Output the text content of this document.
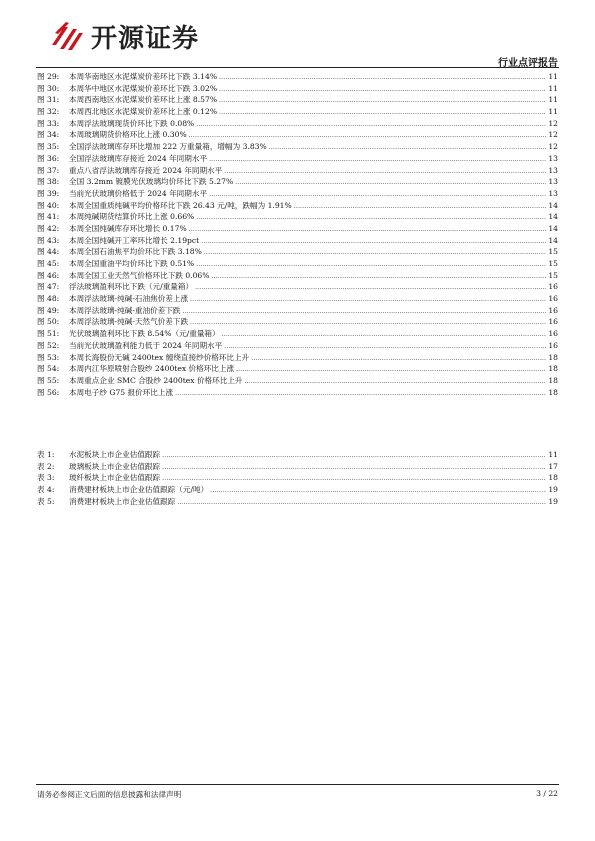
开源证券
行业点评报告
图 29:	本周华南地区水泥煤炭价差环比下跌 3.14% .....	11
图 30:	本周华中地区水泥煤炭价差环比下跌 3.02% .....	11
图 31:	本周西南地区水泥煤炭价差环比上涨 8.57% .....	11
图 32:	本周西北地区水泥煤炭价差环比上涨 0.12% .....	11
图 33:	本周浮法玻璃现货价环比下跌 0.08% .....	12
图 34:	本周玻璃期货价格环比上涨 0.30% .....	12
图 35:	全国浮法玻璃库存环比增加 222 万重量箱，增幅为 3.83% .....	12
图 36:	全国浮法玻璃库存接近 2024 年同期水平 .....	13
图 37:	重点八省浮法玻璃库存接近 2024 年同期水平 .....	13
图 38:	全国 3.2mm 镀膜光伏玻璃均价环比下跌 5.27% .....	13
图 39:	当前光伏玻璃价格低于 2024 年同期水平 .....	13
图 40:	本周全国重质纯碱平均价格环比下跌 26.43 元/吨，跌幅为 1.91% .....	14
图 41:	本周纯碱期货结算价环比上涨 0.66% .....	14
图 42:	本周全国纯碱库存环比增长 0.17% .....	14
图 43:	本周全国纯碱开工率环比增长 2.19pct .....	14
图 44:	本周全国石油焦平均价环比下跌 3.18% .....	15
图 45:	本周全国重油平均价环比下跌 0.51% .....	15
图 46:	本周全国工业天然气价格环比下跌 0.06% .....	15
图 47:	浮法玻璃盈利环比下跌（元/重量箱） .....	16
图 48:	本周浮法玻璃-纯碱-石油焦价差上涨 .....	16
图 49:	本周浮法玻璃-纯碱-重油价差下跌 .....	16
图 50:	本周浮法玻璃-纯碱-天然气价差下跌 .....	16
图 51:	光伏玻璃盈利环比下跌 8.54%（元/重量箱） .....	16
图 52:	当前光伏玻璃盈利能力低于 2024 年同期水平 .....	16
图 53:	本周长海股份无碱 2400tex 缠绕直接纱价格环比上升 .....	18
图 54:	本周内江华原喷射合股纱 2400tex 价格环比上涨 .....	18
图 55:	本周重点企业 SMC 合股纱 2400tex 价格环比上升 .....	18
图 56:	本周电子纱 G75 报价环比上涨 .....	18
表 1:	水泥板块上市企业估值跟踪 .....	11
表 2:	玻璃板块上市企业估值跟踪 .....	17
表 3:	玻纤板块上市企业估值跟踪 .....	18
表 4:	消费建材板块上市企业估值跟踪（元/吨） .....	19
表 5:	消费建材板块上市企业估值跟踪 .....	19
请务必参阅正文后面的信息披露和法律声明	3 / 22
